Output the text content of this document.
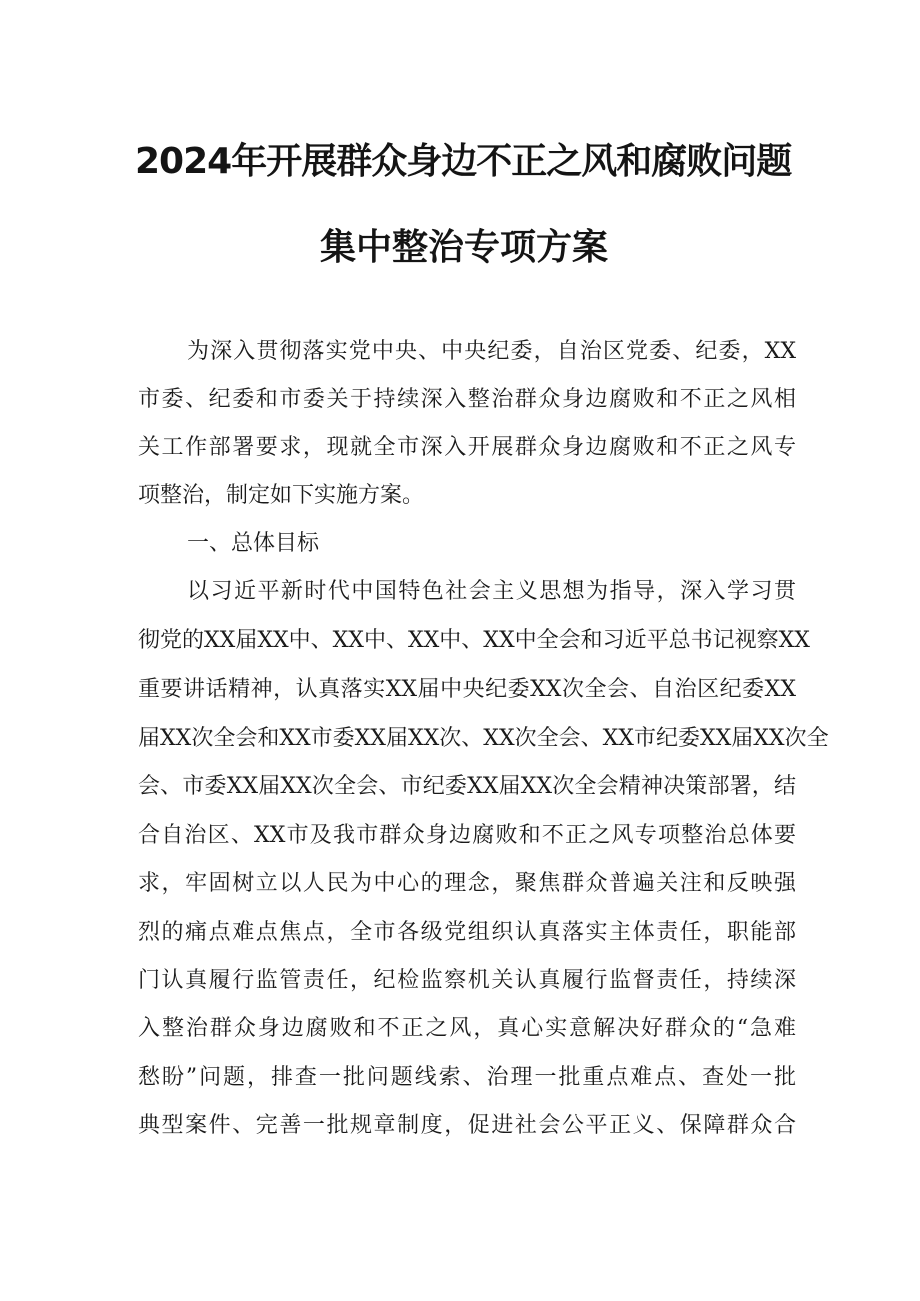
2024年开展群众身边不正之风和腐败问题
集中整治专项方案
为深入贯彻落实党中央、中央纪委，自治区党委、纪委，XX
市委、纪委和市委关于持续深入整治群众身边腐败和不正之风相
关工作部署要求，现就全市深入开展群众身边腐败和不正之风专
项整治，制定如下实施方案。
一、总体目标
以习近平新时代中国特色社会主义思想为指导，深入学习贯
彻党的XX届XX中、XX中、XX中、XX中全会和习近平总书记视察XX
重要讲话精神，认真落实XX届中央纪委XX次全会、自治区纪委XX
届XX次全会和XX市委XX届XX次、XX次全会、XX市纪委XX届XX次全
会、市委XX届XX次全会、市纪委XX届XX次全会精神决策部署，结
合自治区、XX市及我市群众身边腐败和不正之风专项整治总体要
求，牢固树立以人民为中心的理念，聚焦群众普遍关注和反映强
烈的痛点难点焦点，全市各级党组织认真落实主体责任，职能部
门认真履行监管责任，纪检监察机关认真履行监督责任，持续深
入整治群众身边腐败和不正之风，真心实意解决好群众的“急难
愁盼”问题，排查一批问题线索、治理一批重点难点、查处一批
典型案件、完善一批规章制度，促进社会公平正义、保障群众合
